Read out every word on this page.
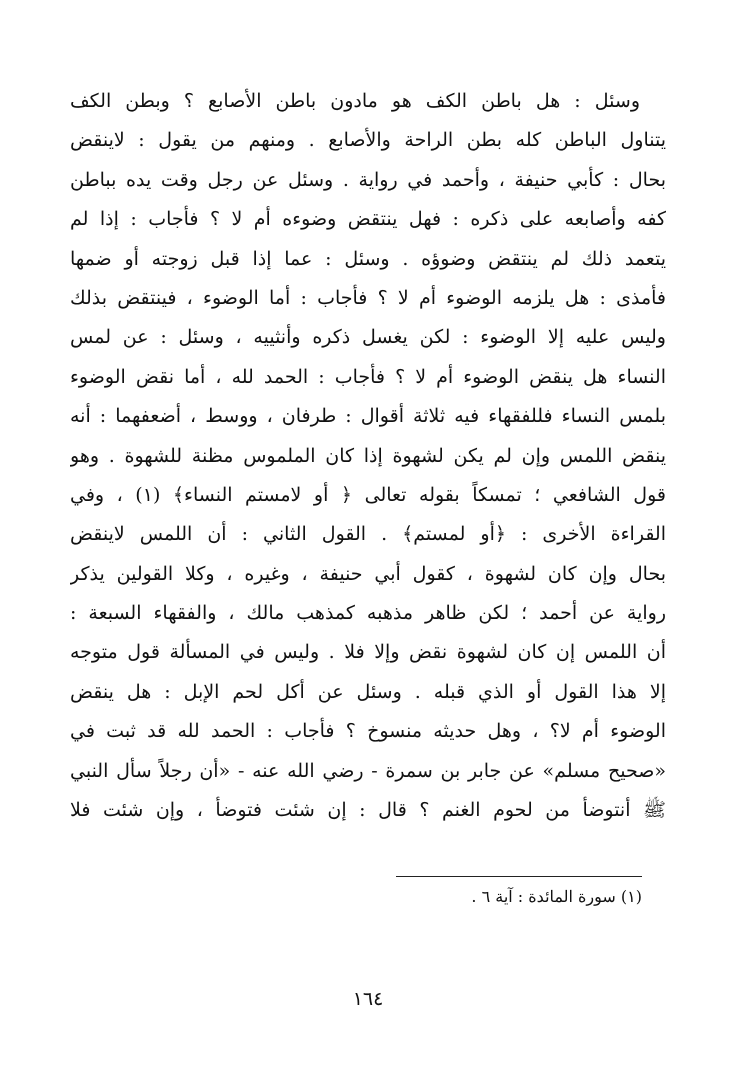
وسئل : هل باطن الكف هو مادون باطن الأصابع ؟ وبطن الكف
يتناول الباطن كله بطن الراحة والأصابع . ومنهم من يقول : لاينقض
بحال : كأبي حنيفة ، وأحمد في رواية . وسئل عن رجل وقت يده بباطن
كفه وأصابعه على ذكره : فهل ينتقض وضوءه أم لا ؟ فأجاب : إذا لم
يتعمد ذلك لم ينتقض وضوؤه . وسئل : عما إذا قبل زوجته أو ضمها
فأمذى : هل يلزمه الوضوء أم لا ؟ فأجاب : أما الوضوء ، فينتقض بذلك
وليس عليه إلا الوضوء : لكن يغسل ذكره وأنثييه ، وسئل : عن لمس
النساء هل ينقض الوضوء أم لا ؟ فأجاب : الحمد لله ، أما نقض الوضوء
بلمس النساء فللفقهاء فيه ثلاثة أقوال : طرفان ، ووسط ، أضعفهما : أنه
ينقض اللمس وإن لم يكن لشهوة إذا كان الملموس مظنة للشهوة . وهو
قول الشافعي ؛ تمسكاً بقوله تعالى ﴿ أو لامستم النساء﴾ (١) ، وفي
القراءة الأخرى : ﴿أو لمستم﴾ . القول الثاني : أن اللمس لاينقض
بحال وإن كان لشهوة ، كقول أبي حنيفة ، وغيره ، وكلا القولين يذكر
رواية عن أحمد ؛ لكن ظاهر مذهبه كمذهب مالك ، والفقهاء السبعة :
أن اللمس إن كان لشهوة نقض وإلا فلا . وليس في المسألة قول متوجه
إلا هذا القول أو الذي قبله . وسئل عن أكل لحم الإبل : هل ينقض
الوضوء أم لا؟ ، وهل حديثه منسوخ ؟ فأجاب : الحمد لله قد ثبت في
«صحيح مسلم» عن جابر بن سمرة - رضي الله عنه - «أن رجلاً سأل النبي
ﷺ أنتوضأ من لحوم الغنم ؟ قال : إن شئت فتوضأ ، وإن شئت فلا
(١) سورة المائدة : آية ٦ .
١٦٤
